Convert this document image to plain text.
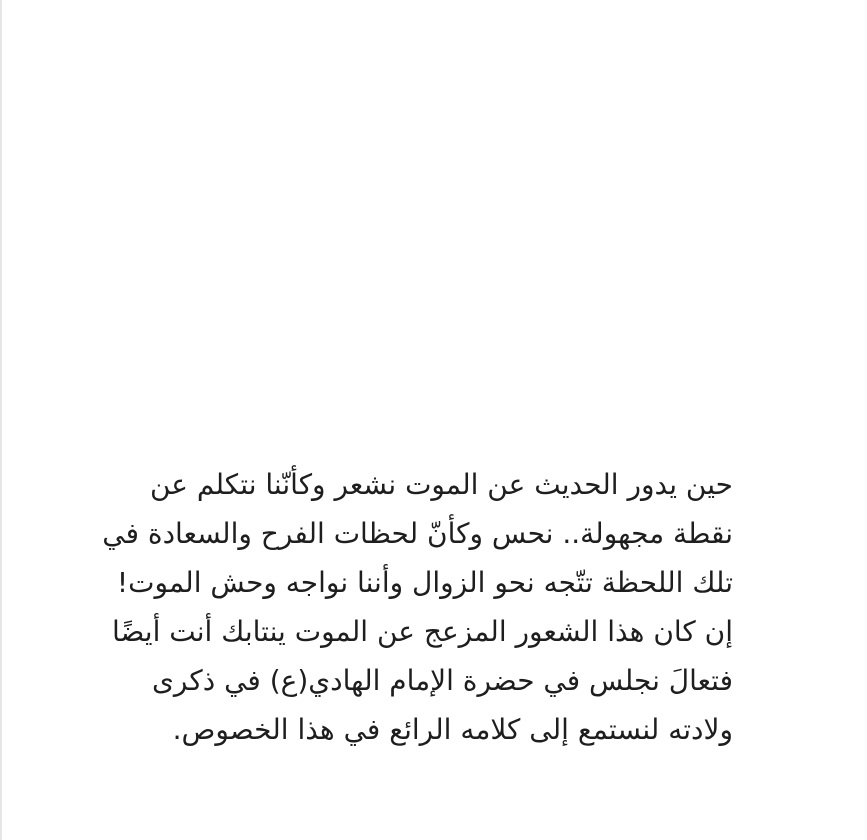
حين يدور الحديث عن الموت نشعر وكأنّنا نتكلم عن
نقطة مجهولة.. نحس وكأنّ لحظات الفرح والسعادة في
تلك اللحظة تتّجه نحو الزوال وأننا نواجه وحش الموت!
إن كان هذا الشعور المزعج عن الموت ينتابك أنت أيضًا
فتعالَ نجلس في حضرة الإمام الهادي(ع) في ذكرى
ولادته لنستمع إلى كلامه الرائع في هذا الخصوص.
